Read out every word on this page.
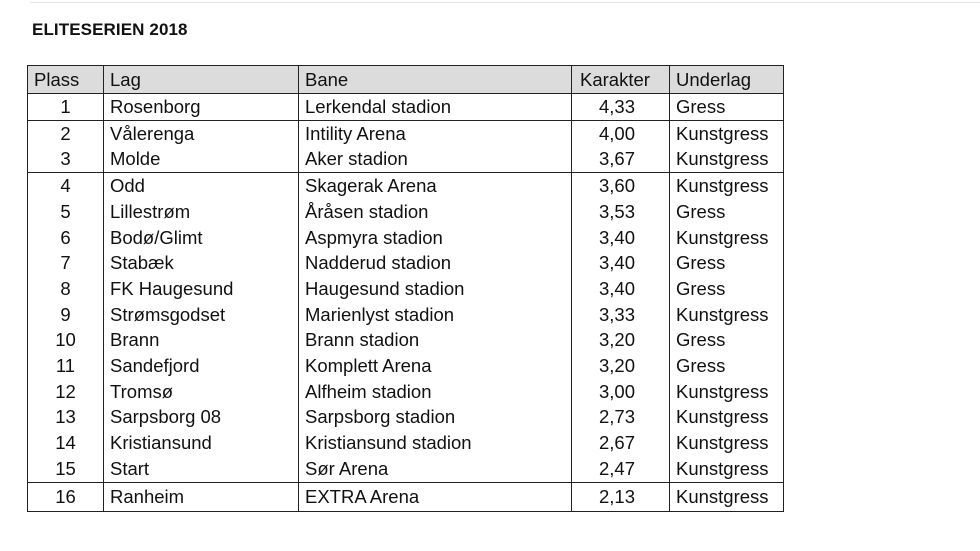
ELITESERIEN 2018
Plass	Lag	Bane	Karakter	Underlag
1	Rosenborg	Lerkendal stadion	4,33	Gress
2	Vålerenga	Intility Arena	4,00	Kunstgress
3	Molde	Aker stadion	3,67	Kunstgress
4	Odd	Skagerak Arena	3,60	Kunstgress
5	Lillestrøm	Åråsen stadion	3,53	Gress
6	Bodø/Glimt	Aspmyra stadion	3,40	Kunstgress
7	Stabæk	Nadderud stadion	3,40	Gress
8	FK Haugesund	Haugesund stadion	3,40	Gress
9	Strømsgodset	Marienlyst stadion	3,33	Kunstgress
10	Brann	Brann stadion	3,20	Gress
11	Sandefjord	Komplett Arena	3,20	Gress
12	Tromsø	Alfheim stadion	3,00	Kunstgress
13	Sarpsborg 08	Sarpsborg stadion	2,73	Kunstgress
14	Kristiansund	Kristiansund stadion	2,67	Kunstgress
15	Start	Sør Arena	2,47	Kunstgress
16	Ranheim	EXTRA Arena	2,13	Kunstgress
